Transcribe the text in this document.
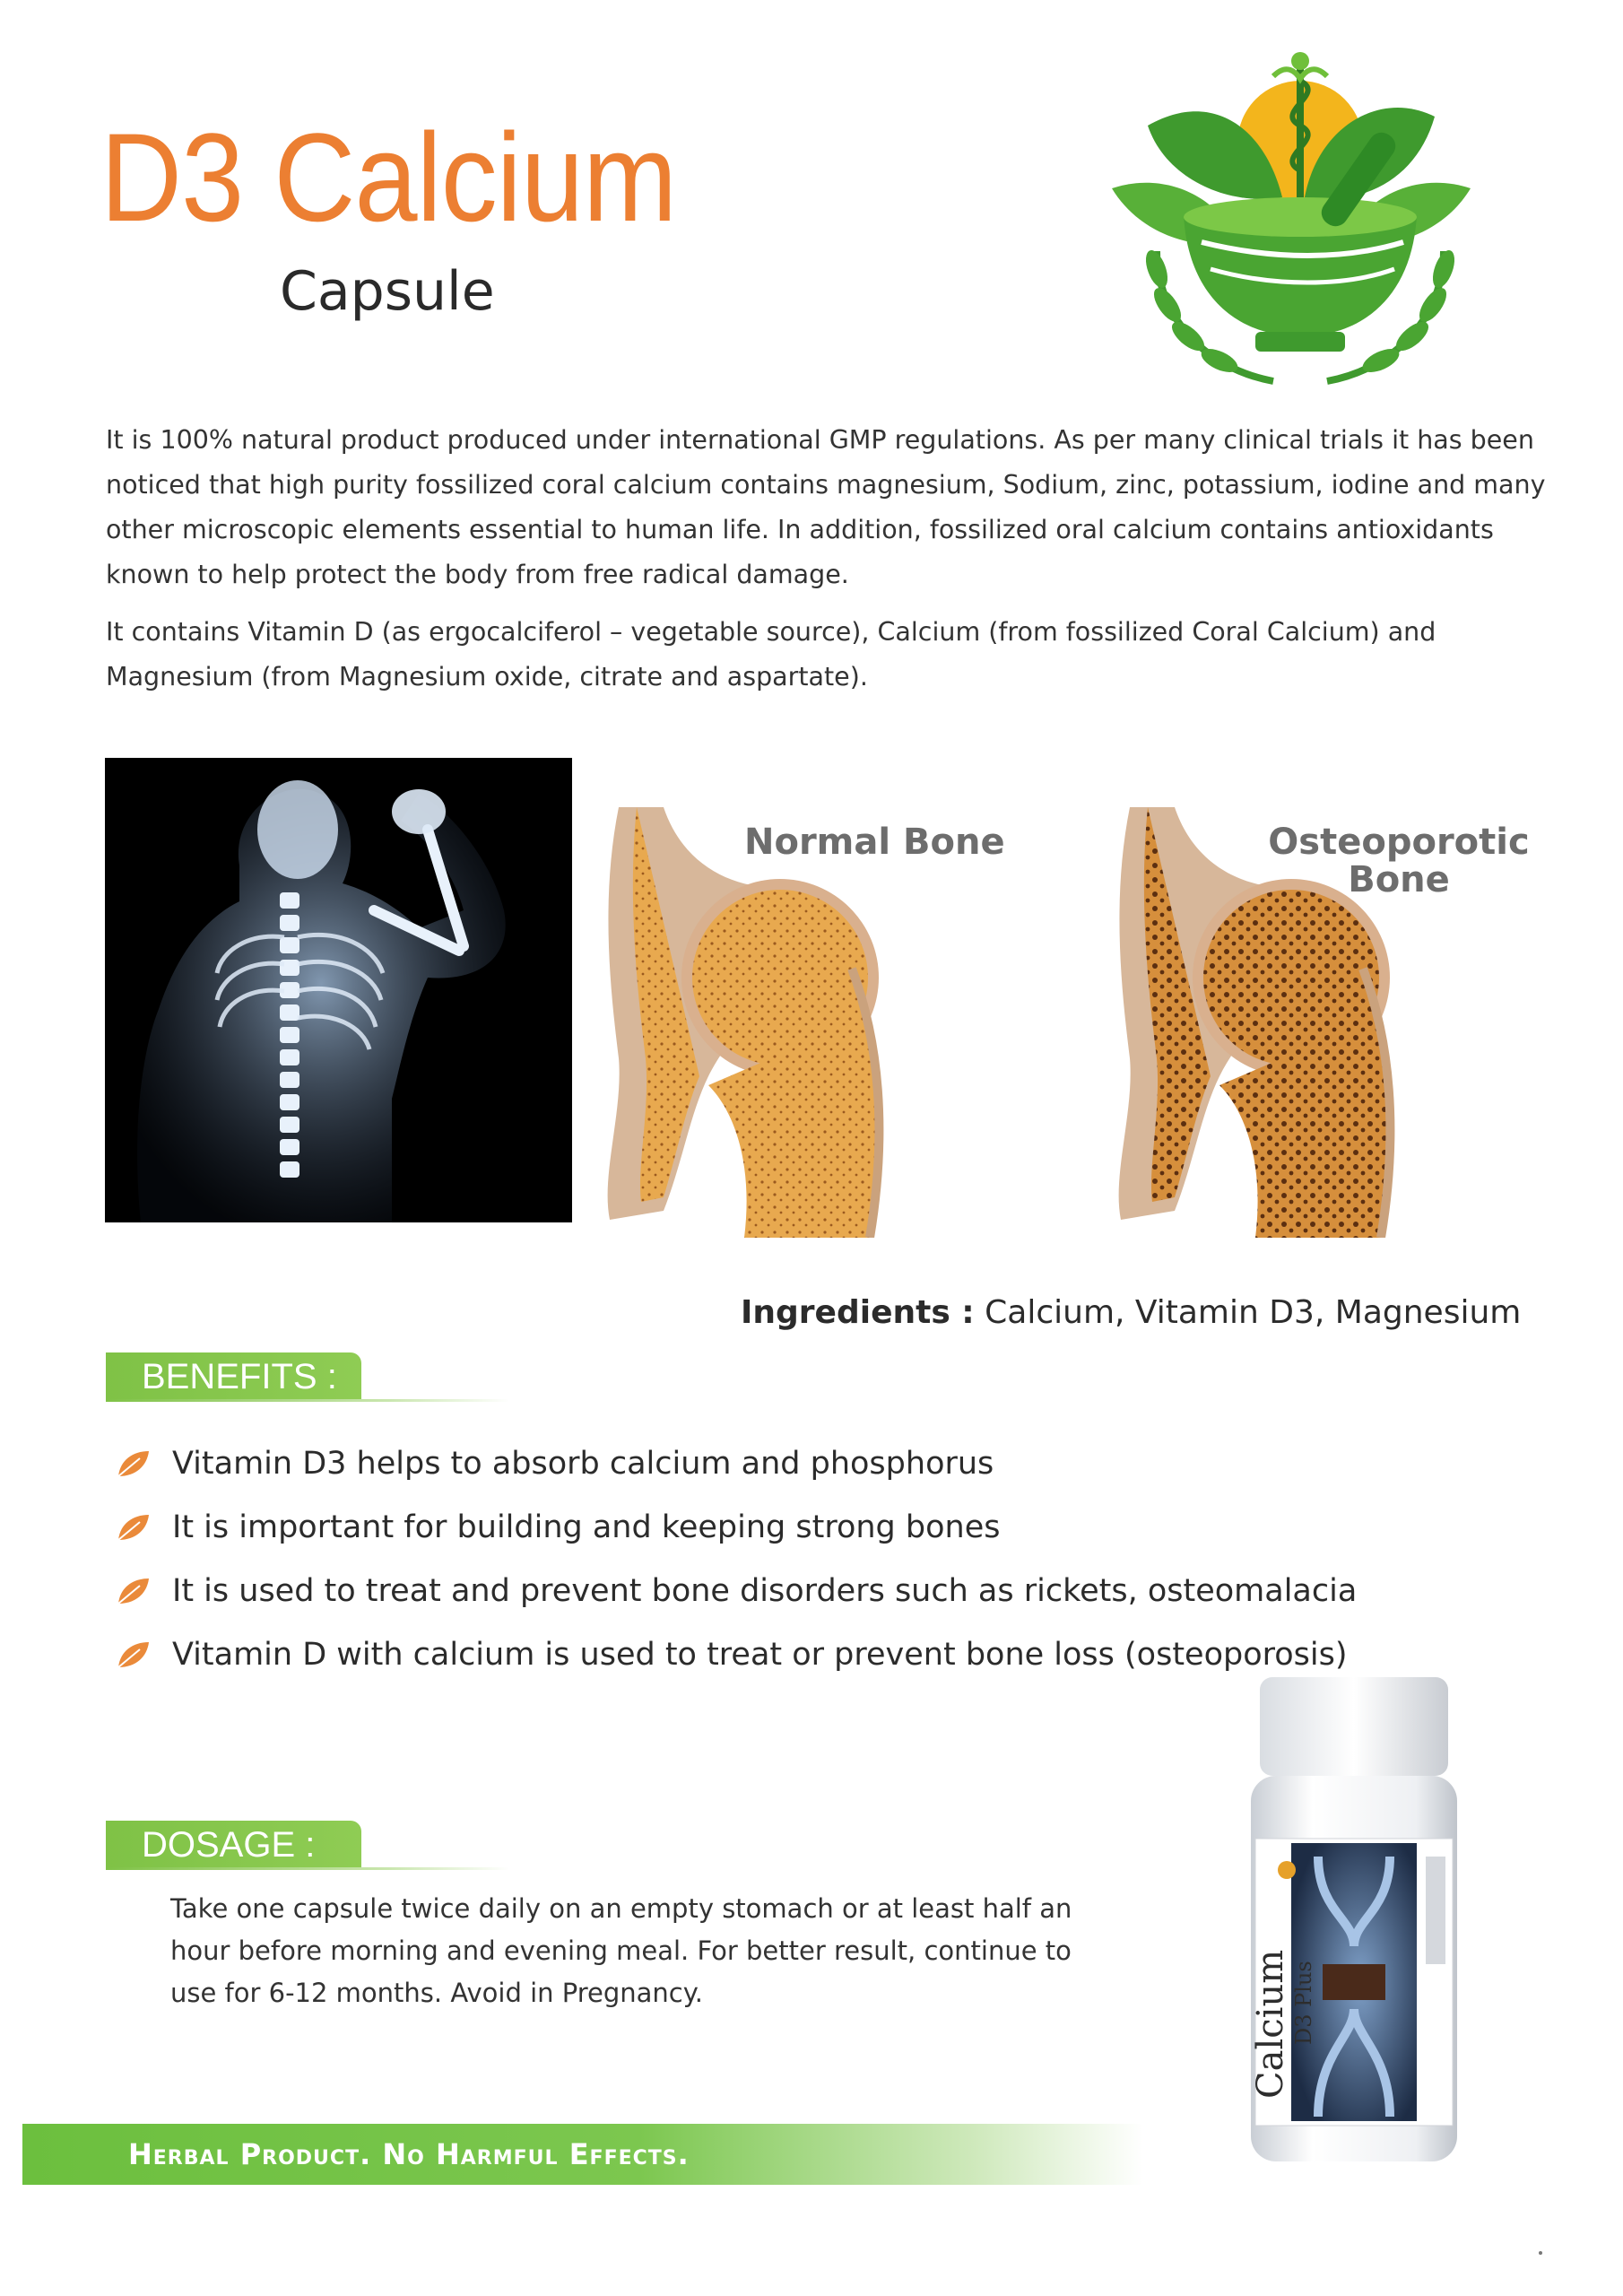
D3 Calcium
Capsule
It is 100% natural product produced under international GMP regulations. As per many clinical trials it has been noticed that high purity fossilized coral calcium contains magnesium, Sodium, zinc, potassium, iodine and many other microscopic elements essential to human life. In addition, fossilized oral calcium contains antioxidants known to help protect the body from free radical damage.
It contains Vitamin D (as ergocalciferol – vegetable source), Calcium (from fossilized Coral Calcium) and Magnesium (from Magnesium oxide, citrate and aspartate).
Normal Bone	Osteoporotic
Bone
Ingredients : Calcium, Vitamin D3, Magnesium
BENEFITS :
Vitamin D3 helps to absorb calcium and phosphorus
It is important for building and keeping strong bones
It is used to treat and prevent bone disorders such as rickets, osteomalacia
Vitamin D with calcium is used to treat or prevent bone loss (osteoporosis)
DOSAGE :
Take one capsule twice daily on an empty stomach or at least half an hour before morning and evening meal. For better result, continue to use for 6-12 months. Avoid in Pregnancy.
Herbal Product. No Harmful Effects.
Calcium D3 Plus
